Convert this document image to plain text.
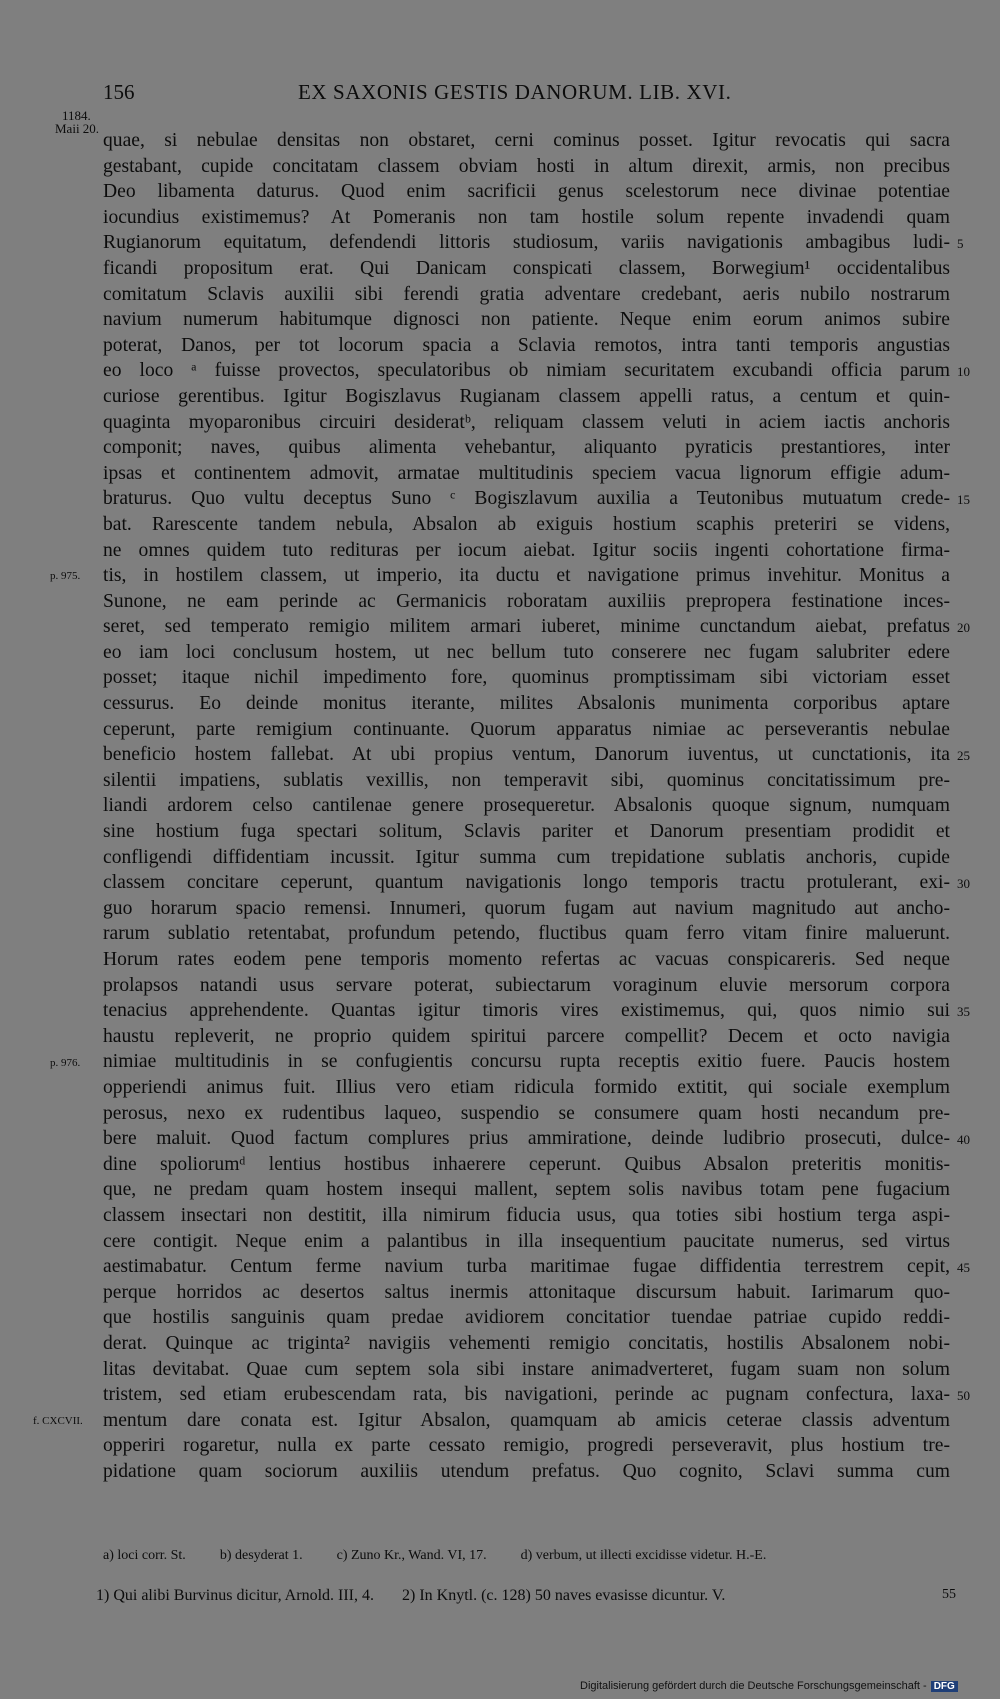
156	EX SAXONIS GESTIS DANORUM. LIB. XVI.
1184.
Maii 20.
quae, si nebulae densitas non obstaret, cerni cominus posset. Igitur revocatis qui sacra
gestabant, cupide concitatam classem obviam hosti in altum direxit, armis, non precibus
Deo libamenta daturus. Quod enim sacrificii genus scelestorum nece divinae potentiae
iocundius existimemus? At Pomeranis non tam hostile solum repente invadendi quam
Rugianorum equitatum, defendendi littoris studiosum, variis navigationis ambagibus ludi-
ficandi propositum erat. Qui Danicam conspicati classem, Borwegium¹ occidentalibus
comitatum Sclavis auxilii sibi ferendi gratia adventare credebant, aeris nubilo nostrarum
navium numerum habitumque dignosci non patiente. Neque enim eorum animos subire
poterat, Danos, per tot locorum spacia a Sclavia remotos, intra tanti temporis angustias
eo loco ᵃ fuisse provectos, speculatoribus ob nimiam securitatem excubandi officia parum
curiose gerentibus. Igitur Bogiszlavus Rugianam classem appelli ratus, a centum et quin-
quaginta myoparonibus circuiri desideratᵇ, reliquam classem veluti in aciem iactis anchoris
componit; naves, quibus alimenta vehebantur, aliquanto pyraticis prestantiores, inter
ipsas et continentem admovit, armatae multitudinis speciem vacua lignorum effigie adum-
braturus. Quo vultu deceptus Suno ᶜ Bogiszlavum auxilia a Teutonibus mutuatum crede-
bat. Rarescente tandem nebula, Absalon ab exiguis hostium scaphis preteriri se videns,
ne omnes quidem tuto redituras per iocum aiebat. Igitur sociis ingenti cohortatione firma-
tis, in hostilem classem, ut imperio, ita ductu et navigatione primus invehitur. Monitus a
Sunone, ne eam perinde ac Germanicis roboratam auxiliis prepropera festinatione inces-
seret, sed temperato remigio militem armari iuberet, minime cunctandum aiebat, prefatus
eo iam loci conclusum hostem, ut nec bellum tuto conserere nec fugam salubriter edere
posset; itaque nichil impedimento fore, quominus promptissimam sibi victoriam esset
cessurus. Eo deinde monitus iterante, milites Absalonis munimenta corporibus aptare
ceperunt, parte remigium continuante. Quorum apparatus nimiae ac perseverantis nebulae
beneficio hostem fallebat. At ubi propius ventum, Danorum iuventus, ut cunctationis, ita
silentii impatiens, sublatis vexillis, non temperavit sibi, quominus concitatissimum pre-
liandi ardorem celso cantilenae genere prosequeretur. Absalonis quoque signum, numquam
sine hostium fuga spectari solitum, Sclavis pariter et Danorum presentiam prodidit et
confligendi diffidentiam incussit. Igitur summa cum trepidatione sublatis anchoris, cupide
classem concitare ceperunt, quantum navigationis longo temporis tractu protulerant, exi-
guo horarum spacio remensi. Innumeri, quorum fugam aut navium magnitudo aut ancho-
rarum sublatio retentabat, profundum petendo, fluctibus quam ferro vitam finire maluerunt.
Horum rates eodem pene temporis momento refertas ac vacuas conspicareris. Sed neque
prolapsos natandi usus servare poterat, subiectarum voraginum eluvie mersorum corpora
tenacius apprehendente. Quantas igitur timoris vires existimemus, qui, quos nimio sui
haustu repleverit, ne proprio quidem spiritui parcere compellit? Decem et octo navigia
nimiae multitudinis in se confugientis concursu rupta receptis exitio fuere. Paucis hostem
opperiendi animus fuit. Illius vero etiam ridicula formido extitit, qui sociale exemplum
perosus, nexo ex rudentibus laqueo, suspendio se consumere quam hosti necandum pre-
bere maluit. Quod factum complures prius ammiratione, deinde ludibrio prosecuti, dulce-
dine spoliorumᵈ lentius hostibus inhaerere ceperunt. Quibus Absalon preteritis monitis-
que, ne predam quam hostem insequi mallent, septem solis navibus totam pene fugacium
classem insectari non destitit, illa nimirum fiducia usus, qua toties sibi hostium terga aspi-
cere contigit. Neque enim a palantibus in illa insequentium paucitate numerus, sed virtus
aestimabatur. Centum ferme navium turba maritimae fugae diffidentia terrestrem cepit,
perque horridos ac desertos saltus inermis attonitaque discursum habuit. Iarimarum quo-
que hostilis sanguinis quam predae avidiorem concitatior tuendae patriae cupido reddi-
derat. Quinque ac triginta² navigiis vehementi remigio concitatis, hostilis Absalonem nobi-
litas devitabat. Quae cum septem sola sibi instare animadverteret, fugam suam non solum
tristem, sed etiam erubescendam rata, bis navigationi, perinde ac pugnam confectura, laxa-
mentum dare conata est. Igitur Absalon, quamquam ab amicis ceterae classis adventum
opperiri rogaretur, nulla ex parte cessato remigio, progredi perseveravit, plus hostium tre-
pidatione quam sociorum auxiliis utendum prefatus. Quo cognito, Sclavi summa cum
p. 975.
p. 976.
f. CXCVII.
5
10
15
20
25
30
35
40
45
50
a) loci corr. St. b) desyderat 1. c) Zuno Kr., Wand. VI, 17. d) verbum, ut illecti excidisse videtur. H.-E.
1) Qui alibi Burvinus dicitur, Arnold. III, 4. 2) In Knytl. (c. 128) 50 naves evasisse dicuntur. V.	55
Digitalisierung gefördert durch die Deutsche Forschungsgemeinschaft - DFG
